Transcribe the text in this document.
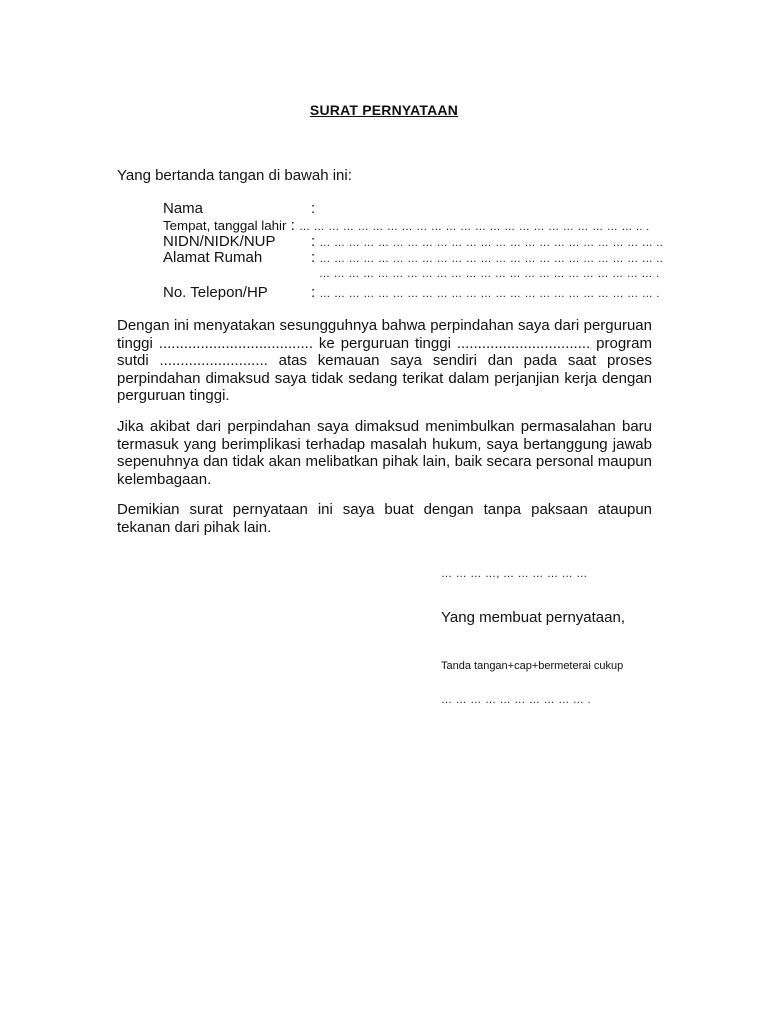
SURAT PERNYATAAN
Yang bertanda tangan di bawah ini:
Nama	:
Tempat, tanggal lahir : … … … … … … … … … … … … … … … … … … … … … … … .. .
NIDN/NIDK/NUP : … … … … … … … … … … … … … … … … … … … … … … … ..
Alamat Rumah	: … … … … … … … … … … … … … … … … … … … … … … … ..
… … … … … … … … … … … … … … … … … … … … … … … .
No. Telepon/HP	: … … … … … … … … … … … … … … … … … … … … … … … .

Dengan ini menyatakan sesungguhnya bahwa perpindahan saya dari perguruan tinggi ..................................... ke perguruan tinggi ................................ program sutdi .......................... atas kemauan saya sendiri dan pada saat proses perpindahan dimaksud saya tidak sedang terikat dalam perjanjian kerja dengan perguruan tinggi.

Jika akibat dari perpindahan saya dimaksud menimbulkan permasalahan baru termasuk yang berimplikasi terhadap masalah hukum, saya bertanggung jawab sepenuhnya dan tidak akan melibatkan pihak lain, baik secara personal maupun kelembagaan.

Demikian surat pernyataan ini saya buat dengan tanpa paksaan ataupun tekanan dari pihak lain.

… … … …, … … … … … …
Yang membuat pernyataan,
Tanda tangan+cap+bermeterai cukup
… … … … … … … … … … .
